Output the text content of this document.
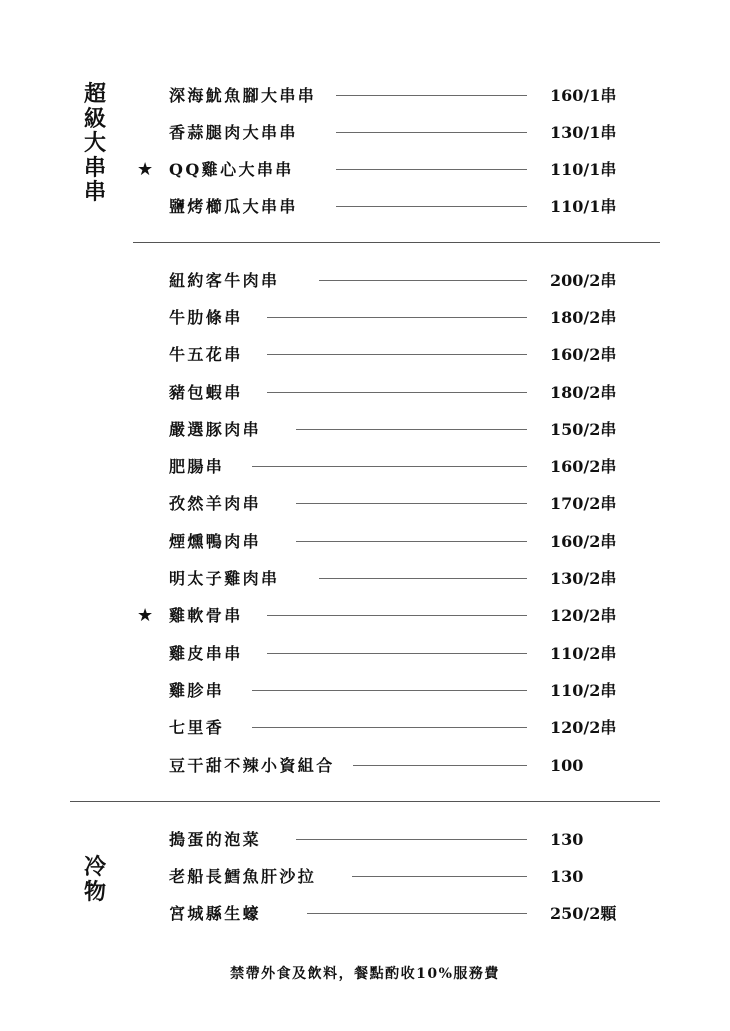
超級大串串
深海魷魚腳大串串	160/1串
香蒜腿肉大串串	130/1串
★ QQ雞心大串串	110/1串
鹽烤櫛瓜大串串	110/1串
紐約客牛肉串	200/2串
牛肋條串	180/2串
牛五花串	160/2串
豬包蝦串	180/2串
嚴選豚肉串	150/2串
肥腸串	160/2串
孜然羊肉串	170/2串
煙燻鴨肉串	160/2串
明太子雞肉串	130/2串
★ 雞軟骨串	120/2串
雞皮串串	110/2串
雞胗串	110/2串
七里香	120/2串
豆干甜不辣小資組合	100
冷物
搗蛋的泡菜	130
老船長鱈魚肝沙拉	130
宮城縣生蠔	250/2顆
禁帶外食及飲料，餐點酌收10%服務費
